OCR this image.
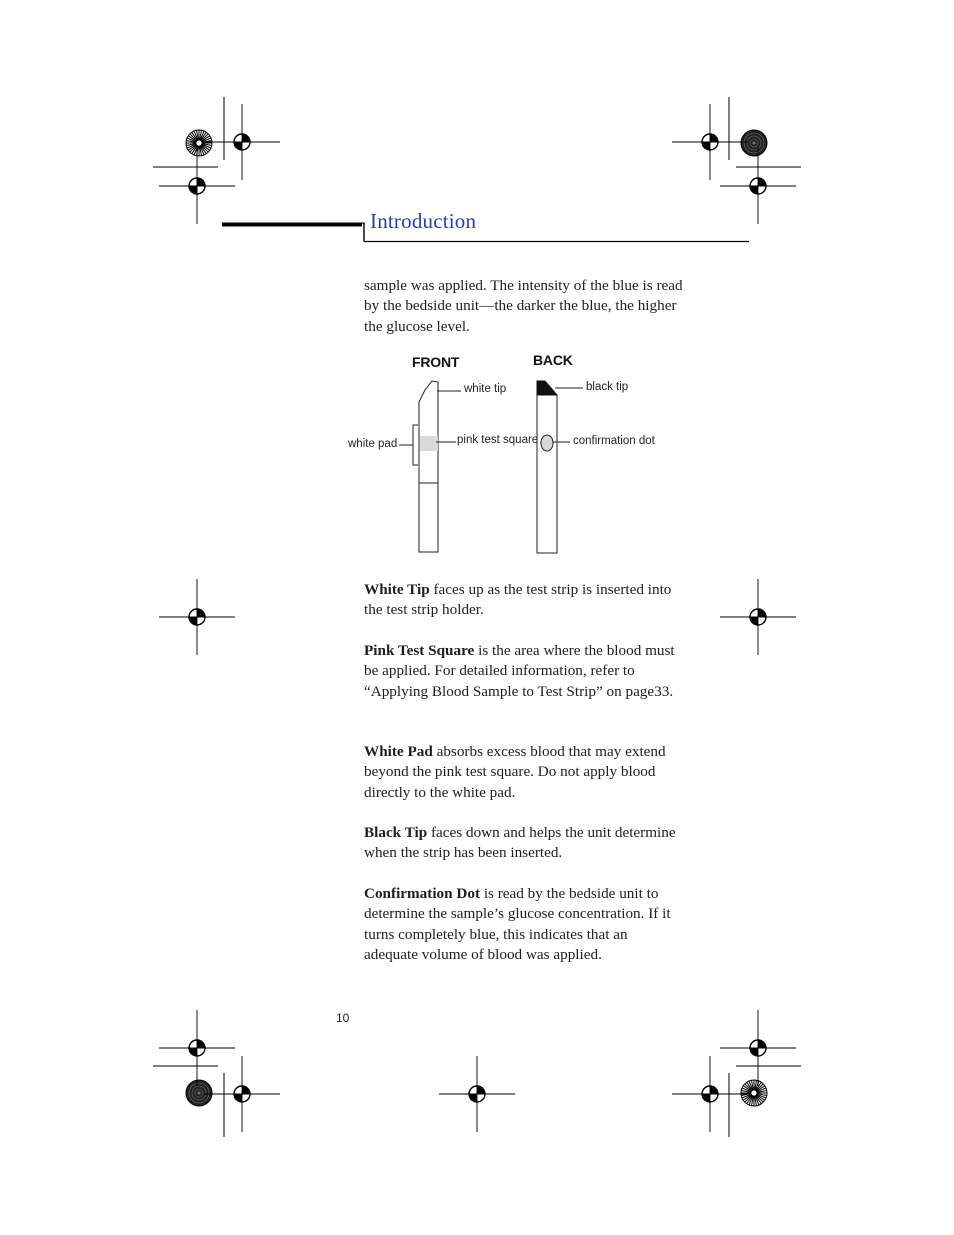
Introduction

sample was applied. The intensity of the blue is read by the bedside unit—the darker the blue, the higher the glucose level.

FRONT	BACK
white tip
white pad	pink test square
black tip
confirmation dot

White Tip faces up as the test strip is inserted into the test strip holder.

Pink Test Square is the area where the blood must be applied. For detailed information, refer to “Applying Blood Sample to Test Strip” on page33.

White Pad absorbs excess blood that may extend beyond the pink test square. Do not apply blood directly to the white pad.

Black Tip faces down and helps the unit determine when the strip has been inserted.

Confirmation Dot is read by the bedside unit to determine the sample’s glucose concentration. If it turns completely blue, this indicates that an adequate volume of blood was applied.

10
